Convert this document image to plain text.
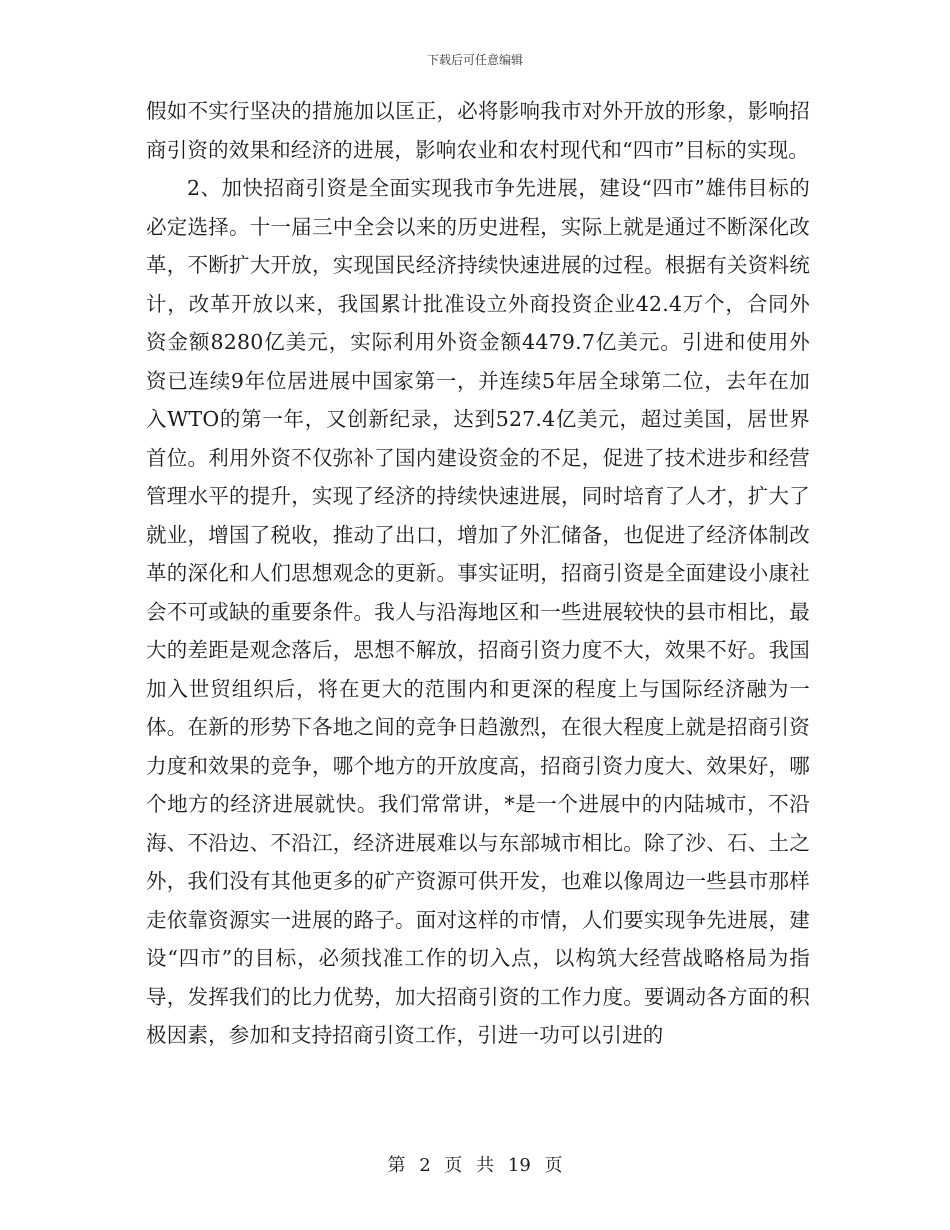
下载后可任意编辑

假如不实行坚决的措施加以匡正，必将影响我市对外开放的形象，影响招商引资的效果和经济的进展，影响农业和农村现代和“四市”目标的实现。

2、加快招商引资是全面实现我市争先进展，建设“四市”雄伟目标的必定选择。十一届三中全会以来的历史进程，实际上就是通过不断深化改革，不断扩大开放，实现国民经济持续快速进展的过程。根据有关资料统计，改革开放以来，我国累计批准设立外商投资企业42.4万个，合同外资金额8280亿美元，实际利用外资金额4479.7亿美元。引进和使用外资已连续9年位居进展中国家第一，并连续5年居全球第二位，去年在加入WTO的第一年，又创新纪录，达到527.4亿美元，超过美国，居世界首位。利用外资不仅弥补了国内建设资金的不足，促进了技术进步和经营管理水平的提升，实现了经济的持续快速进展，同时培育了人才，扩大了就业，增国了税收，推动了出口，增加了外汇储备，也促进了经济体制改革的深化和人们思想观念的更新。事实证明，招商引资是全面建设小康社会不可或缺的重要条件。我人与沿海地区和一些进展较快的县市相比，最大的差距是观念落后，思想不解放，招商引资力度不大，效果不好。我国加入世贸组织后，将在更大的范围内和更深的程度上与国际经济融为一体。在新的形势下各地之间的竞争日趋激烈，在很大程度上就是招商引资力度和效果的竞争，哪个地方的开放度高，招商引资力度大、效果好，哪个地方的经济进展就快。我们常常讲，*是一个进展中的内陆城市，不沿海、不沿边、不沿江，经济进展难以与东部城市相比。除了沙、石、土之外，我们没有其他更多的矿产资源可供开发，也难以像周边一些县市那样走依靠资源实一进展的路子。面对这样的市情，人们要实现争先进展，建设“四市”的目标，必须找准工作的切入点，以构筑大经营战略格局为指导，发挥我们的比力优势，加大招商引资的工作力度。要调动各方面的积极因素，参加和支持招商引资工作，引进一功可以引进的

第 2 页 共 19 页
